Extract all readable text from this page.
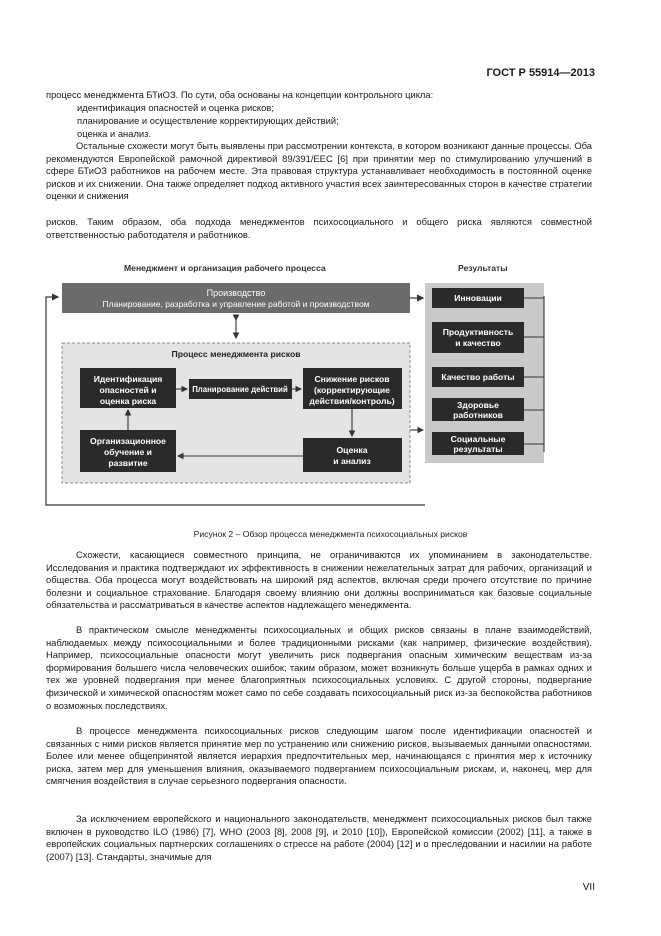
ГОСТ Р 55914—2013

процесс менеджмента БТиОЗ. По сути, оба основаны на концепции контрольного цикла:

идентификация опасностей и оценка рисков;

планирование и осуществление корректирующих действий;

оценка и анализ.

Остальные схожести могут быть выявлены при рассмотрении контекста, в котором возникают данные процессы. Оба рекомендуются Европейской рамочной директивой 89/391/ЕЕС [6] при принятии мер по стимулированию улучшений в сфере БТиОЗ работников на рабочем месте. Эта правовая структура устанавливает необходимость в постоянной оценке рисков и их снижении. Она также определяет подход активного участия всех заинтересованных сторон в качестве стратегии оценки и снижения

рисков. Таким образом, оба подхода менеджментов психосоциального и общего риска являются совместной ответственностью работодателя и работников.

Менеджмент и организация рабочего процесса	Результаты
Производство
Планирование, разработка и управление работой и производством
Процесс менеджмента рисков
Идентификация
опасностей и
оценка риска
Планирование действий
Снижение рисков
(корректирующие
действия/контроль)
Организационное
обучение и
развитие
Оценка
и анализ
Инновации
Продуктивность
и качество
Качество работы
Здоровье
работников
Социальные
результаты
Рисунок 2 – Обзор процесса менеджмента психосоциальных рисков

Схожести, касающиеся совместного принципа, не ограничиваются их упоминанием в законодательстве. Исследования и практика подтверждают их эффективность в снижении нежелательных затрат для рабочих, организаций и общества. Оба процесса могут воздействовать на широкий ряд аспектов, включая среди прочего отсутствие по причине болезни и социальное страхование. Благодаря своему влиянию они должны восприниматься как базовые социальные обязательства и рассматриваться в качестве аспектов надлежащего менеджмента.

В практическом смысле менеджменты психосоциальных и общих рисков связаны в плане взаимодействий, наблюдаемых между психосоциальными и более традиционными рисками (как например, физические воздействия). Например, психосоциальные опасности могут увеличить риск подвергания опасным химическим веществам из-за формирования большего числа человеческих ошибок; таким образом, может возникнуть больше ущерба в рамках одних и тех же уровней подвергания при менее благоприятных психосоциальных условиях. С другой стороны, подвергание физической и химической опасностям может само по себе создавать психосоциальный риск из-за беспокойства работников о возможных последствиях.

В процессе менеджмента психосоциальных рисков следующим шагом после идентификации опасностей и связанных с ними рисков является принятие мер по устранению или снижению рисков, вызываемых данными опасностями. Более или менее общепринятой является иерархия предпочтительных мер, начинающаяся с принятия мер к источнику риска, затем мер для уменьшения влияния, оказываемого подверганием психосоциальным рискам, и, наконец, мер для смягчения воздействия в случае серьезного подвергания опасности.

За исключением европейского и национального законодательств, менеджмент психосоциальных рисков был также включен в руководство ILO (1986) [7], WHO (2003 [8], 2008 [9], и 2010 [10]), Европейской комиссии (2002) [11], а также в европейских социальных партнерских соглашениях о стрессе на работе (2004) [12] и о преследовании и насилии на работе (2007) [13]. Стандарты, значимые для

VII
